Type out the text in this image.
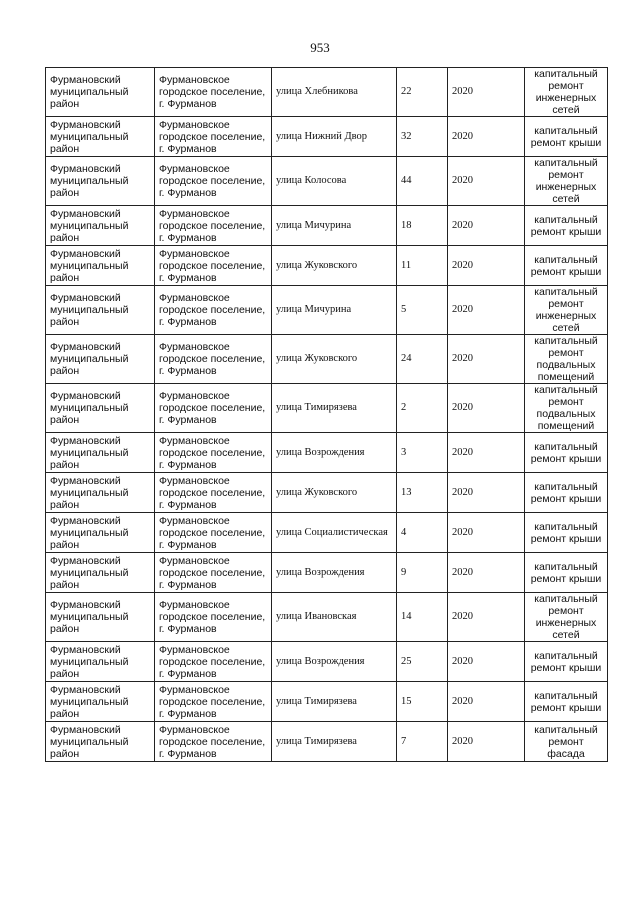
953
Фурмановский муниципальный район	Фурмановское городское поселение, г. Фурманов	улица Хлебникова	22	2020	капитальный ремонт инженерных сетей
Фурмановский муниципальный район	Фурмановское городское поселение, г. Фурманов	улица Нижний Двор	32	2020	капитальный ремонт крыши
Фурмановский муниципальный район	Фурмановское городское поселение, г. Фурманов	улица Колосова	44	2020	капитальный ремонт инженерных сетей
Фурмановский муниципальный район	Фурмановское городское поселение, г. Фурманов	улица Мичурина	18	2020	капитальный ремонт крыши
Фурмановский муниципальный район	Фурмановское городское поселение, г. Фурманов	улица Жуковского	11	2020	капитальный ремонт крыши
Фурмановский муниципальный район	Фурмановское городское поселение, г. Фурманов	улица Мичурина	5	2020	капитальный ремонт инженерных сетей
Фурмановский муниципальный район	Фурмановское городское поселение, г. Фурманов	улица Жуковского	24	2020	капитальный ремонт подвальных помещений
Фурмановский муниципальный район	Фурмановское городское поселение, г. Фурманов	улица Тимирязева	2	2020	капитальный ремонт подвальных помещений
Фурмановский муниципальный район	Фурмановское городское поселение, г. Фурманов	улица Возрождения	3	2020	капитальный ремонт крыши
Фурмановский муниципальный район	Фурмановское городское поселение, г. Фурманов	улица Жуковского	13	2020	капитальный ремонт крыши
Фурмановский муниципальный район	Фурмановское городское поселение, г. Фурманов	улица Социалистическая	4	2020	капитальный ремонт крыши
Фурмановский муниципальный район	Фурмановское городское поселение, г. Фурманов	улица Возрождения	9	2020	капитальный ремонт крыши
Фурмановский муниципальный район	Фурмановское городское поселение, г. Фурманов	улица Ивановская	14	2020	капитальный ремонт инженерных сетей
Фурмановский муниципальный район	Фурмановское городское поселение, г. Фурманов	улица Возрождения	25	2020	капитальный ремонт крыши
Фурмановский муниципальный район	Фурмановское городское поселение, г. Фурманов	улица Тимирязева	15	2020	капитальный ремонт крыши
Фурмановский муниципальный район	Фурмановское городское поселение, г. Фурманов	улица Тимирязева	7	2020	капитальный ремонт фасада
